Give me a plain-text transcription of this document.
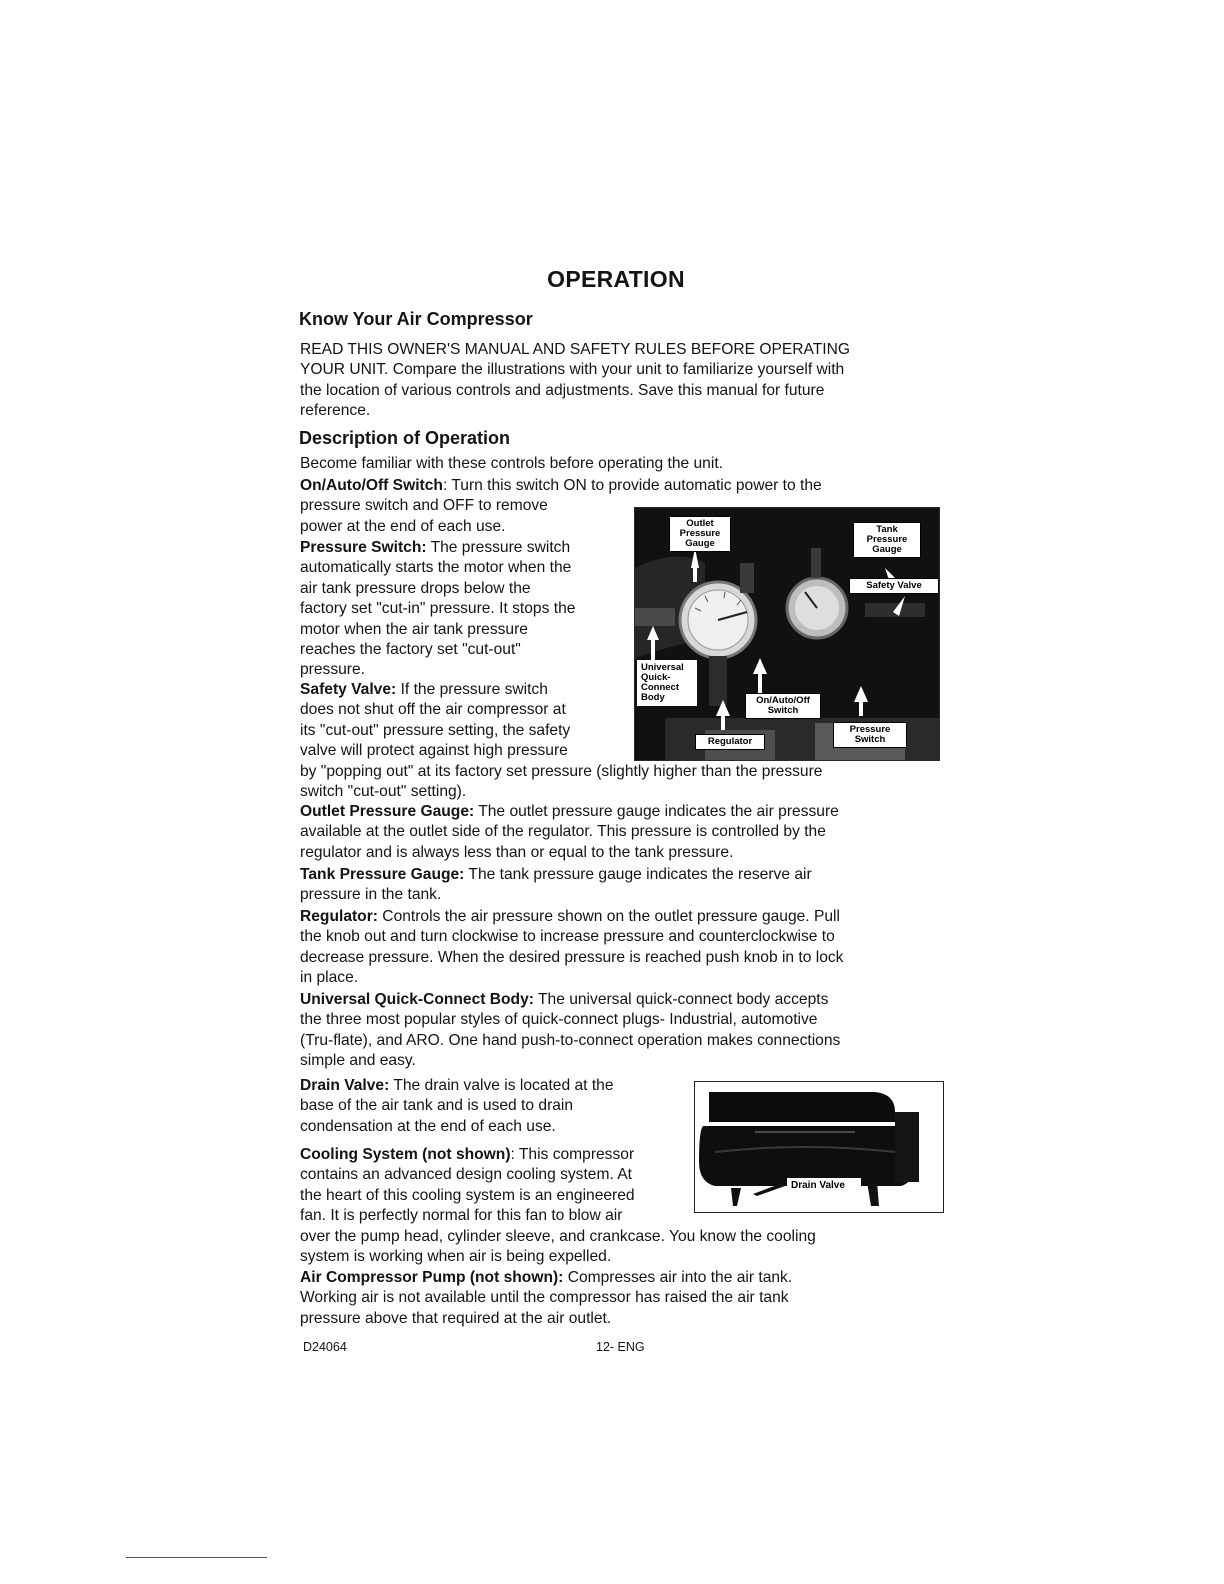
OPERATION
Know Your Air Compressor

READ THIS OWNER'S MANUAL AND SAFETY RULES BEFORE OPERATING
YOUR UNIT. Compare the illustrations with your unit to familiarize yourself with
the location of various controls and adjustments. Save this manual for future
reference.

Description of Operation

Become familiar with these controls before operating the unit.

On/Auto/Off Switch: Turn this switch ON to provide automatic power to the
pressure switch and OFF to remove
power at the end of each use.

Pressure Switch: The pressure switch
automatically starts the motor when the
air tank pressure drops below the
factory set "cut-in" pressure. It stops the
motor when the air tank pressure
reaches the factory set "cut-out"
pressure.

Safety Valve: If the pressure switch
does not shut off the air compressor at
its "cut-out" pressure setting, the safety
valve will protect against high pressure
by "popping out" at its factory set pressure (slightly higher than the pressure
switch "cut-out" setting).

Outlet
Pressure
Gauge
Tank
Pressure
Gauge
Safety Valve
Universal
Quick-
Connect
Body	On/Auto/Off
Switch
Regulator
Pressure
Switch

Outlet Pressure Gauge: The outlet pressure gauge indicates the air pressure
available at the outlet side of the regulator. This pressure is controlled by the
regulator and is always less than or equal to the tank pressure.

Tank Pressure Gauge: The tank pressure gauge indicates the reserve air
pressure in the tank.

Regulator: Controls the air pressure shown on the outlet pressure gauge. Pull
the knob out and turn clockwise to increase pressure and counterclockwise to
decrease pressure. When the desired pressure is reached push knob in to lock
in place.

Universal Quick-Connect Body: The universal quick-connect body accepts
the three most popular styles of quick-connect plugs- Industrial, automotive
(Tru-flate), and ARO. One hand push-to-connect operation makes connections
simple and easy.

Drain Valve: The drain valve is located at the
base of the air tank and is used to drain
condensation at the end of each use.

Cooling System (not shown): This compressor
contains an advanced design cooling system. At
the heart of this cooling system is an engineered
fan. It is perfectly normal for this fan to blow air
over the pump head, cylinder sleeve, and crankcase. You know the cooling
system is working when air is being expelled.

Drain Valve

Air Compressor Pump (not shown): Compresses air into the air tank.
Working air is not available until the compressor has raised the air tank
pressure above that required at the air outlet.

D24064	12- ENG
